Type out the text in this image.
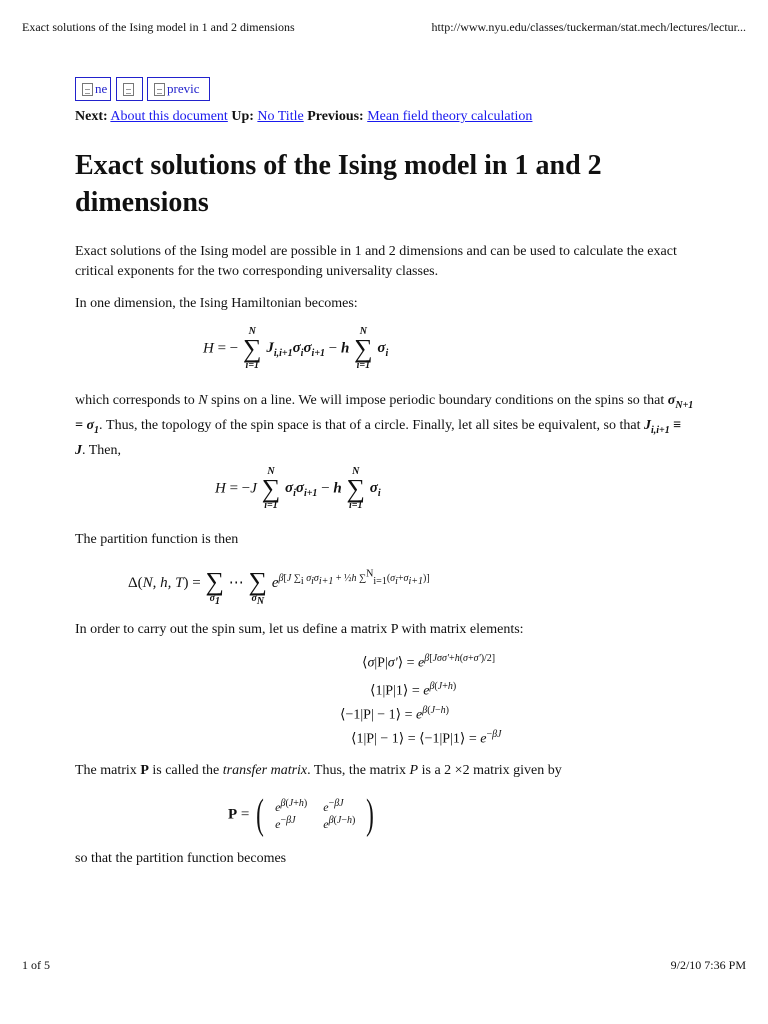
Exact solutions of the Ising model in 1 and 2 dimensions	http://www.nyu.edu/classes/tuckerman/stat.mech/lectures/lectur...
ne	previc
Next: About this document Up: No Title Previous: Mean field theory calculation
Exact solutions of the Ising model in 1 and 2 dimensions

Exact solutions of the Ising model are possible in 1 and 2 dimensions and can be used to calculate the exact critical exponents for the two corresponding universality classes.

In one dimension, the Ising Hamiltonian becomes:

H = −
N
∑
i=1
$J_{i,i+1}\sigma_i\sigma_{i+1} - h$
N
∑
i=1
$\sigma_i$

which corresponds to N spins on a line. We will impose periodic boundary conditions on the spins so that $\sigma_{N+1} = \sigma_1$. Thus, the topology of the spin space is that of a circle. Finally, let all sites be equivalent, so that $J_{i,i+1} \equiv J$. Then,

H = −J
N
∑
i=1
$\sigma_i\sigma_{i+1} - h$
N
∑
i=1
$\sigma_i$

The partition function is then

Δ(N, h, T) =
∑
$\sigma_1$
⋯
∑
$\sigma_N$
$e^{\beta[J \sum_i \sigma_i\sigma_{i+1} + \frac{1}{2}h \sum^N_{i=1}(\sigma_i+\sigma_{i+1})]}$

In order to carry out the spin sum, let us define a matrix P with matrix elements:

⟨σ|P|σ'⟩ = $e^{\beta[J\sigma\sigma'+h(\sigma+\sigma')/2]}$
⟨1|P|1⟩ = $e^{\beta(J+h)}$
⟨−1|P| − 1⟩ = $e^{\beta(J-h)}$
⟨1|P| − 1⟩ = ⟨−1|P|1⟩ = $e^{-\beta J}$

The matrix P is called the transfer matrix. Thus, the matrix P is a 2 ×2 matrix given by

P = ( $e^{\beta(J+h)}$	$e^{-\beta J}$
$e^{-\beta J}$	$e^{\beta(J-h)}$ )

so that the partition function becomes

1 of 5	9/2/10 7:36 PM
